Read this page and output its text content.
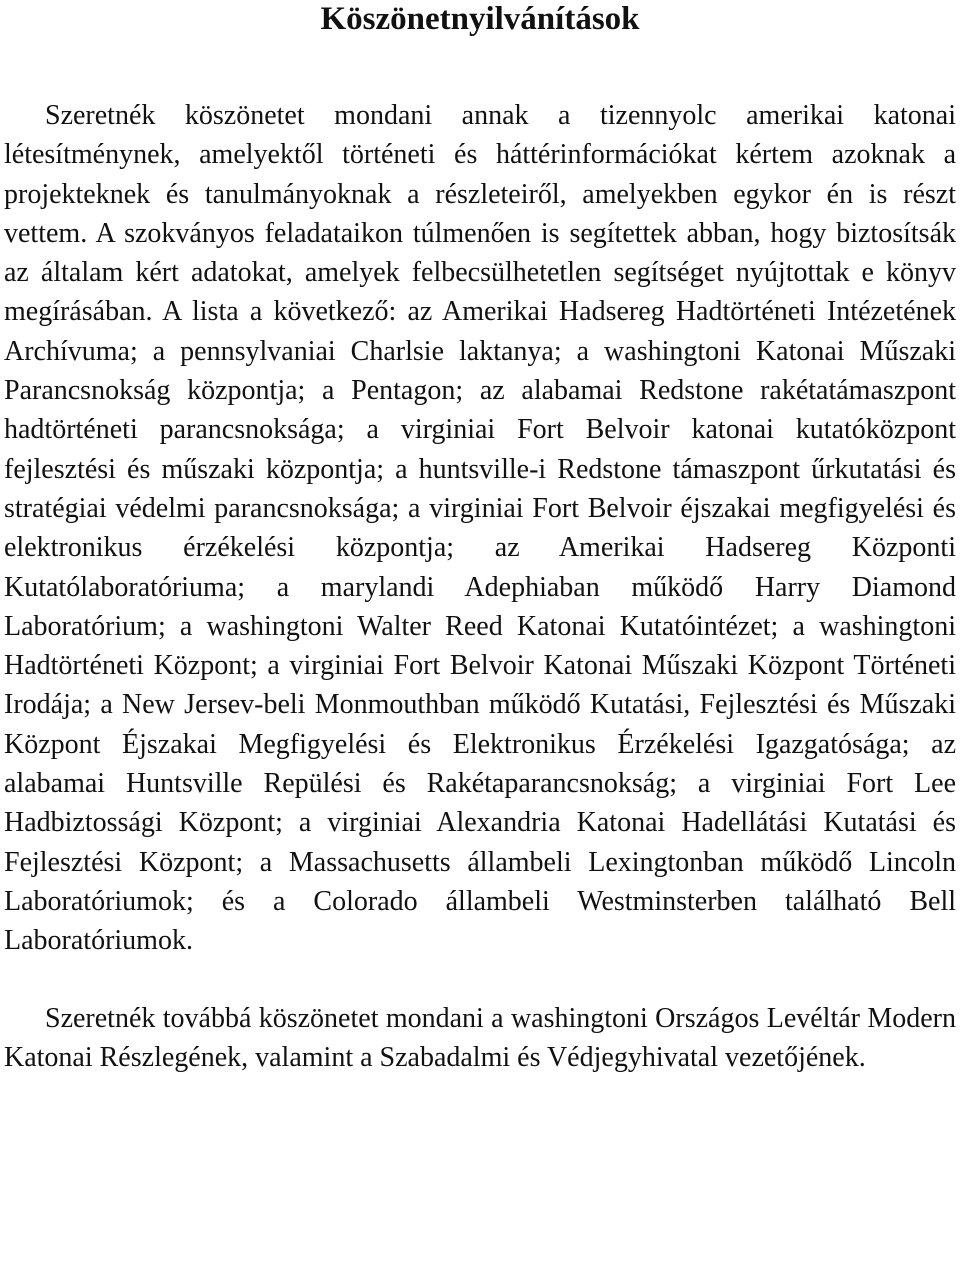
Köszönetnyilvánítások

Szeretnék köszönetet mondani annak a tizennyolc amerikai katonai létesítménynek, amelyektől történeti és háttérinformációkat kértem azoknak a projekteknek és tanulmányoknak a részleteiről, amelyekben egykor én is részt vettem. A szokványos feladataikon túlmenően is segítettek abban, hogy biztosítsák az általam kért adatokat, amelyek felbecsülhetetlen segítséget nyújtottak e könyv megírásában. A lista a következő: az Amerikai Hadsereg Hadtörténeti Intézetének Archívuma; a pennsylvaniai Charlsie laktanya; a washingtoni Katonai Műszaki Parancsnokság központja; a Pentagon; az alabamai Redstone rakétatámaszpont hadtörténeti parancsnoksága; a virginiai Fort Belvoir katonai kutatóközpont fejlesztési és műszaki központja; a huntsville-i Redstone támaszpont űrkutatási és stratégiai védelmi parancsnoksága; a virginiai Fort Belvoir éjszakai megfigyelési és elektronikus érzékelési központja; az Amerikai Hadsereg Központi Kutatólaboratóriuma; a marylandi Adephiaban működő Harry Diamond Laboratórium; a washingtoni Walter Reed Katonai Kutatóintézet; a washingtoni Hadtörténeti Központ; a virginiai Fort Belvoir Katonai Műszaki Központ Történeti Irodája; a New Jersev-beli Monmouthban működő Kutatási, Fejlesztési és Műszaki Központ Éjszakai Megfigyelési és Elektronikus Érzékelési Igazgatósága; az alabamai Huntsville Repülési és Rakétaparancsnokság; a virginiai Fort Lee Hadbiztossági Központ; a virginiai Alexandria Katonai Hadellátási Kutatási és Fejlesztési Központ; a Massachusetts állambeli Lexingtonban működő Lincoln Laboratóriumok; és a Colorado állambeli Westminsterben található Bell Laboratóriumok.

Szeretnék továbbá köszönetet mondani a washingtoni Országos Levéltár Modern Katonai Részlegének, valamint a Szabadalmi és Védjegyhivatal vezetőjének.
